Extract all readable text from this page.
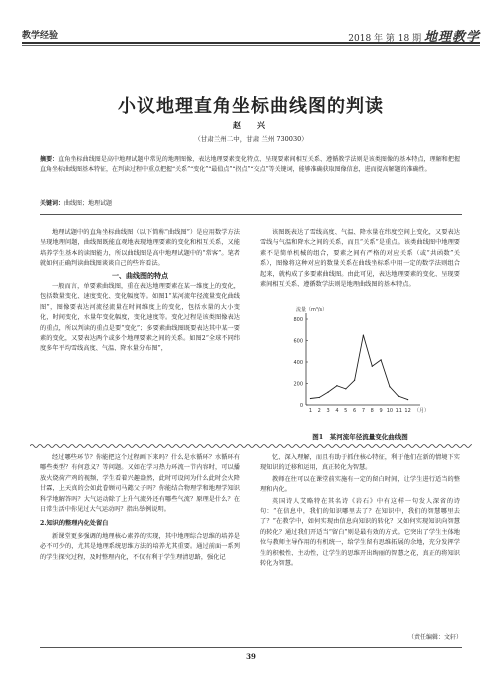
教学经验	2018 年 第 18 期 地理教学
小议地理直角坐标曲线图的判读
赵　兴
（甘肃兰州二中，甘肃 兰州 730030）
摘要：直角坐标曲线图是高中地理试题中常见的地理图像，表达地理要素变化特点、呈现要素间相互关系、遵循教学法则是该类图像的基本特点，理解和把握直角坐标曲线图基本特征，在判读过程中重点把握“关系”“变化”“最值点”“拐点”“交点”等关键词，能够准确获取图像信息，进而提高解题的准确性。
关键词：曲线图；地理试题

地理试题中的直角坐标曲线图（以下简称“曲线图”）是应用数学方法呈现地理问题，曲线图既能直观地表现地理要素的变化和相互关系，又能培养学生基本的读图能力，所以曲线图是高中地理试题中的“常客”。笔者就如何正确判读曲线图谈谈自己的些许看法。

一、曲线图的特点

一般而言，单要素曲线图，重在表达地理要素在某一维度上的变化，包括数量变化、速度变化、变化幅度等。如图1“某河流年径流量变化曲线图”，图像要表达河流径流量在时间维度上的变化，包括水量的大小变化，时间变化，水量年变化幅度，变化速度等。变化过程是该类图像表达的重点，所以判读的重点是要“变化”；多要素曲线图既要表达其中某一要素的变化，又要表达两个或多个地理要素之间的关系。如图2“全球不同纬度多年平均雪线高度、气温、降水量分布图”，

该图既表达了雪线高度、气温、降水量在纬度空间上变化，又要表达雪线与气温和降水之间的关系，而且“关系”是重点。该类曲线图中地理要素不是简单机械的组合，要素之间有严格的对应关系（或“共函数”关系），图像将这种对应的数量关系在曲线坐标系中用一定的数学法则组合起来，就构成了多要素曲线图。由此可见，表达地理要素的变化、呈现要素间相互关系、遵循数学法则是地理曲线图的基本特点。

流量（m³/s）
0
200
400
600
800
1 2 3 4 5 6 7 8 9 10 11 12 （月）
图1　某河流年径流量变化曲线图

经过哪些环节？你能把这个过程画下来吗？什么是水循环？水循环有哪些类型？有何意义？等问题。又如在学习热力环流一节内容时，可以播放火烧荷产鸡的视频，学生看着兴趣盎然，此时可设问为什么此时会火降甘霖，上天真的会如此眷顾司马懿父子吗？你能结合物理学和地理学知识科学地解答吗？大气运动除了上升气流外还有哪些气流？原理是什么？在日常生活中你见过大气运动吗？指出举例说明。

2.知识的整理内化处留白

新课堂更多强调的地理核心素养的实现，其中地理综合思维的培养是必不可少的，尤其是地理系统思维方法的培养尤其重要。通过前面一系列的学生探究过程，及时整理内化，不仅有利于学生理清思路，强化记

忆、深入理解，而且有助于抓住核心特征，利于他们在新的情境下实现知识的迁移和运用，真正转化为智慧。

教师在往可以在课堂前实施有一定的留白时间，让学生进行适当的整理和内化。

英国诗人艾略特在其名诗《岩石》中有这样一句发人深省的诗句：“在信息中，我们的知识哪里去了？在知识中，我们的智慧哪里去了？”在教学中，如何实现由信息向知识的转化？又如何实现知识向智慧的转化？通过我们开适当“留白”则是最有效的方式。它突出了学生主体地位与教师主导作用的有机统一，给学生留有思维拓展的余地，充分发挥学生的积极性、主动性，让学生的思维开出绚丽的智慧之花，真正的将知识转化为智慧。

（责任编辑：文轩）
39
